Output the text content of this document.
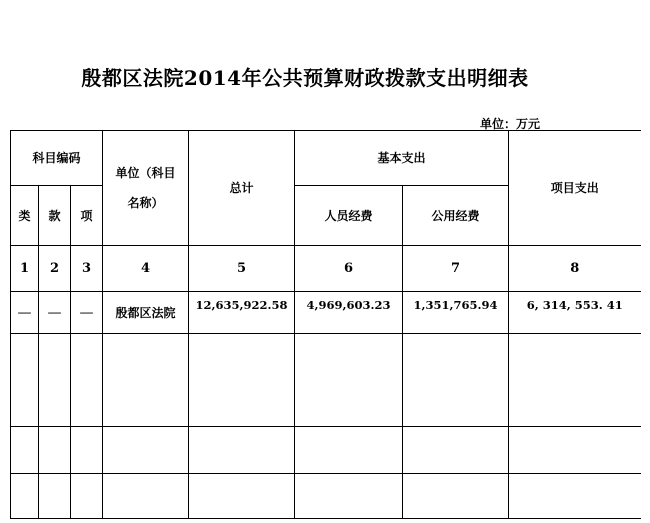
殷都区法院2014年公共预算财政拨款支出明细表
单位：万元
科目编码			单位（科目名称）	总计	基本支出		项目支出
类	款	项			人员经费	公用经费	
1	2	3	4	5	6	7	8
—	—	—	殷都区法院	12,635,922.58	4,969,603.23	1,351,765.94	6, 314, 553. 41
